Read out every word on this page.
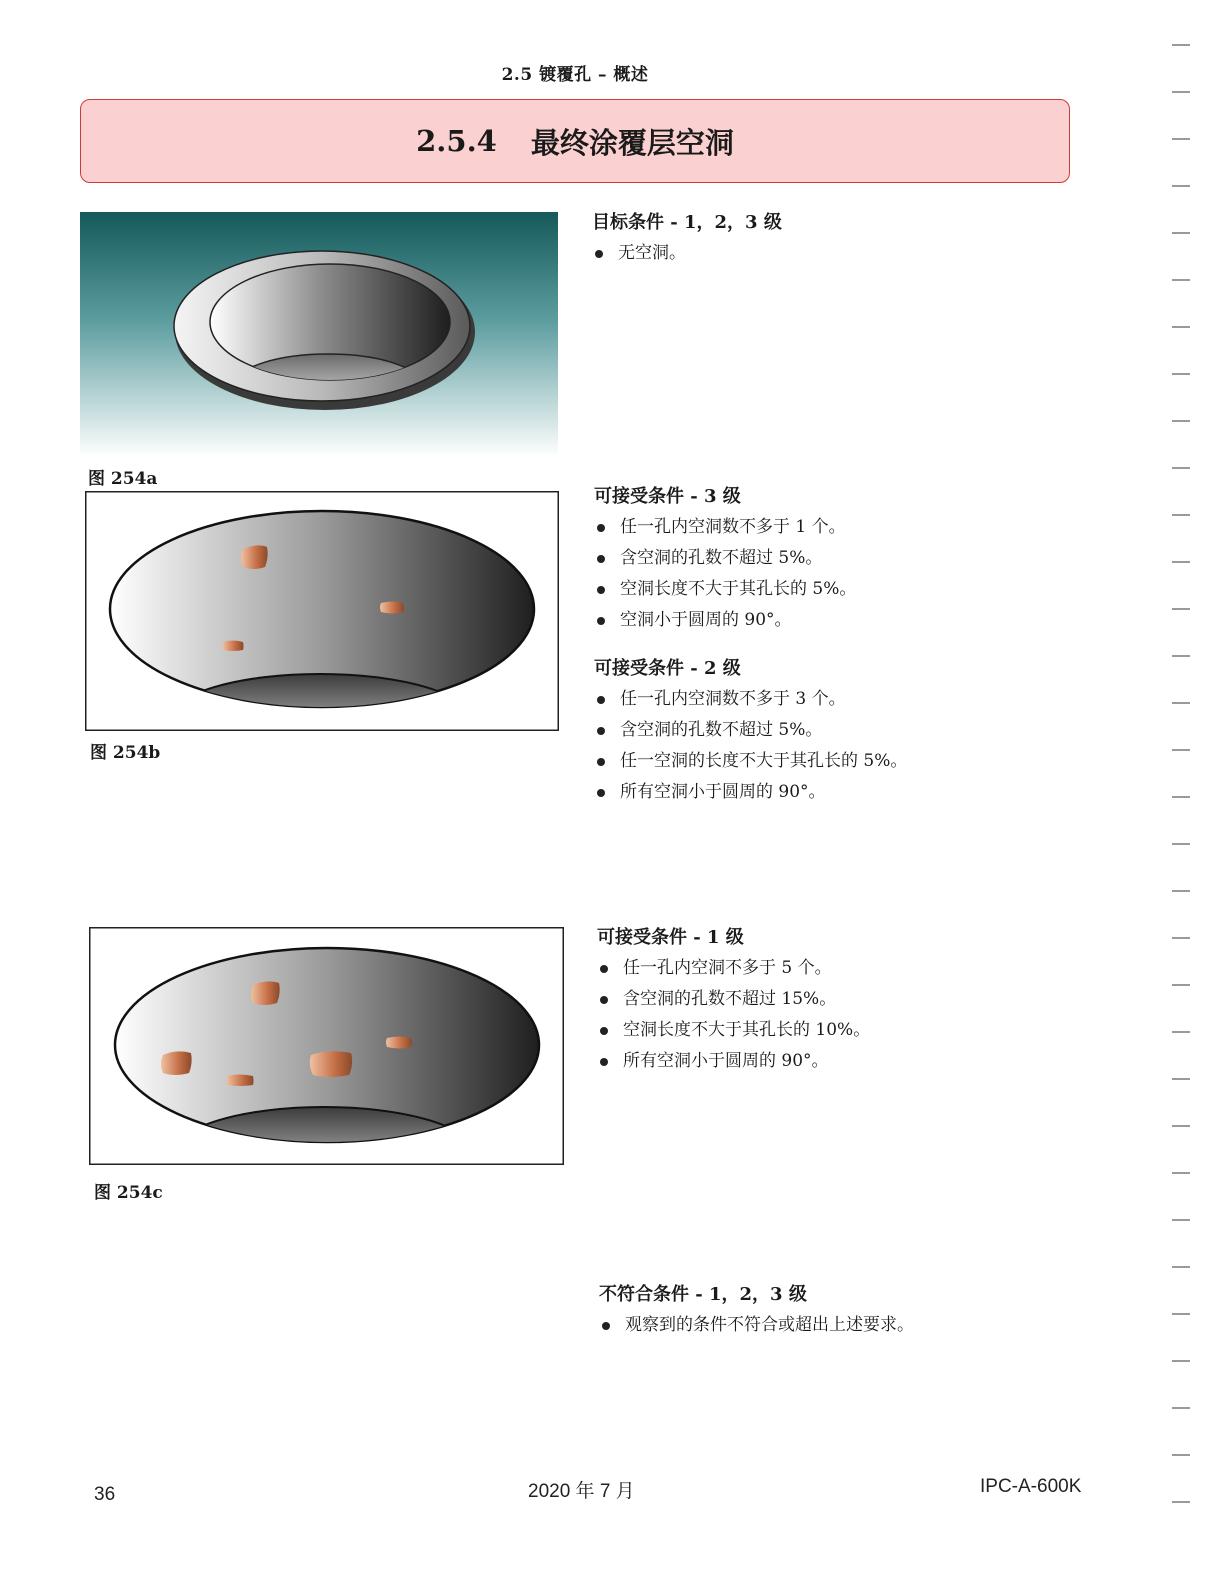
2.5 镀覆孔 – 概述
2.5.4 最终涂覆层空洞
图 254a
图 254b
图 254c
目标条件 - 1，2，3 级
无空洞。
可接受条件 - 3 级
任一孔内空洞数不多于 1 个。
含空洞的孔数不超过 5%。
空洞长度不大于其孔长的 5%。
空洞小于圆周的 90°。
可接受条件 - 2 级
任一孔内空洞数不多于 3 个。
含空洞的孔数不超过 5%。
任一空洞的长度不大于其孔长的 5%。
所有空洞小于圆周的 90°。
可接受条件 - 1 级
任一孔内空洞不多于 5 个。
含空洞的孔数不超过 15%。
空洞长度不大于其孔长的 10%。
所有空洞小于圆周的 90°。
不符合条件 - 1，2，3 级
观察到的条件不符合或超出上述要求。
36	2020 年 7 月	IPC-A-600K
